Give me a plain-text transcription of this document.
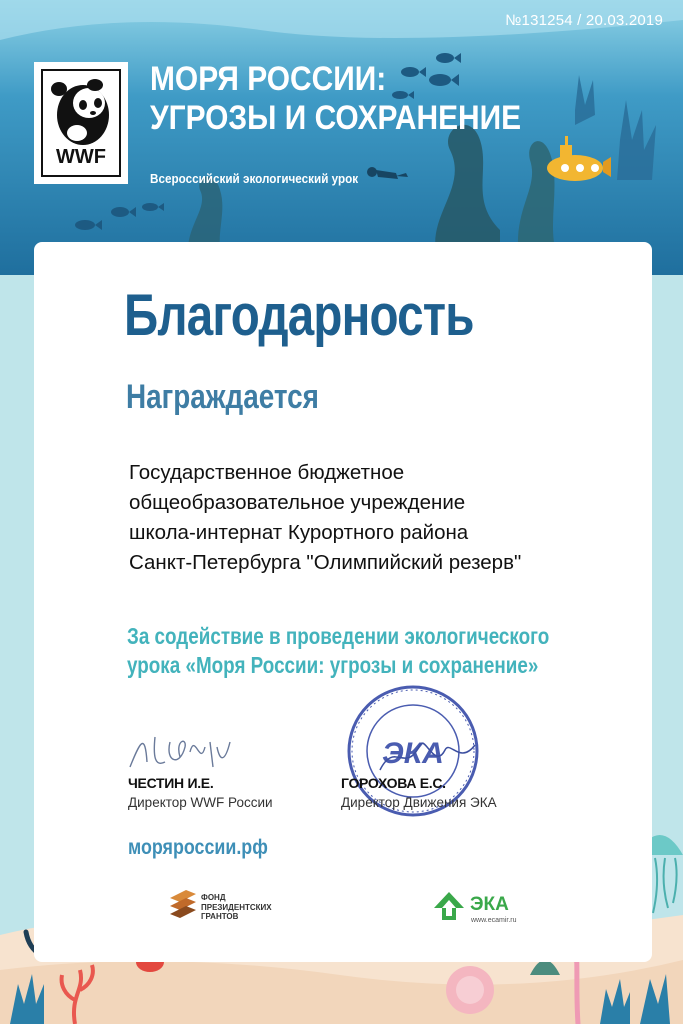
№131254 / 20.03.2019
WWF
МОРЯ РОССИИ:
УГРОЗЫ И СОХРАНЕНИЕ
Всероссийский экологический урок
Благодарность
Награждается
Государственное бюджетное
общеобразовательное учреждение
школа-интернат Курортного района
Санкт-Петербурга "Олимпийский резерв"
За содействие в проведении экологического
урока «Моря России: угрозы и сохранение»
ЧЕСТИН И.Е.
Директор WWF России
ЭКА
ГОРОХОВА Е.С.
Директор Движения ЭКА
моряроссии.рф
ФОНД
ПРЕЗИДЕНТСКИХ
ГРАНТОВ
ЭКА
www.ecamir.ru
